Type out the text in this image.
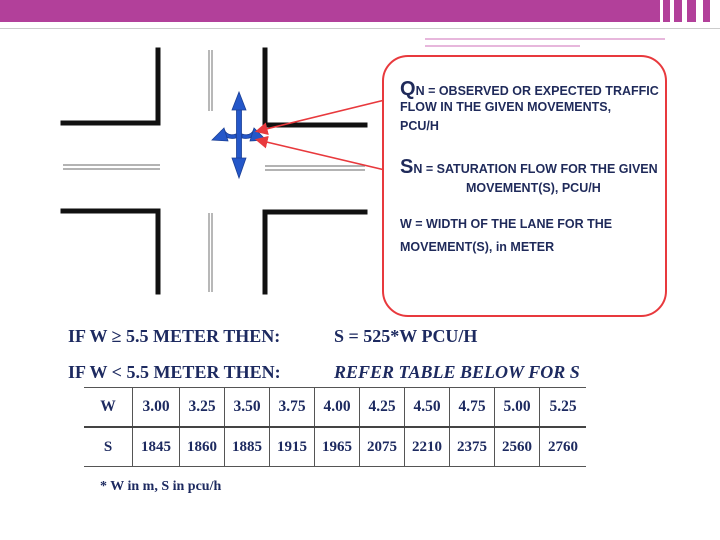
QN = OBSERVED OR EXPECTED TRAFFIC
FLOW IN THE GIVEN MOVEMENTS,
PCU/H
SN = SATURATION FLOW FOR THE GIVEN
MOVEMENT(S), PCU/H
W = WIDTH OF THE LANE FOR THE
MOVEMENT(S), in METER
IF W ≥ 5.5 METER THEN:	S = 525*W PCU/H
IF W < 5.5 METER THEN:	REFER TABLE BELOW FOR S
W	3.00	3.25	3.50	3.75	4.00	4.25	4.50	4.75	5.00	5.25
S	1845	1860	1885	1915	1965	2075	2210	2375	2560	2760
* W in m, S in pcu/h
